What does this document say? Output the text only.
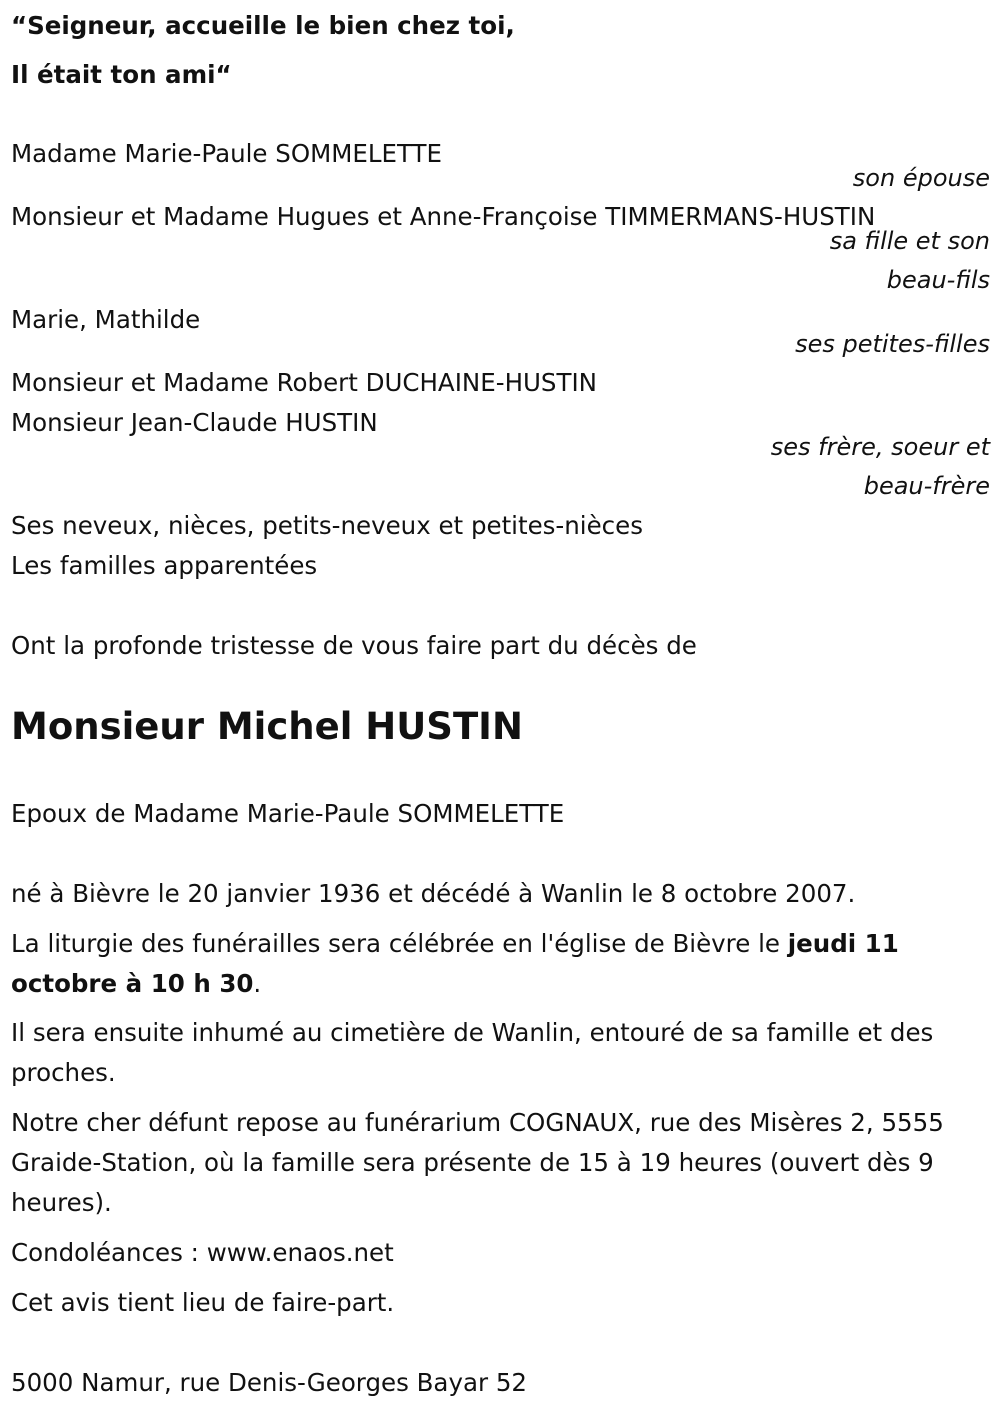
“Seigneur, accueille le bien chez toi,

Il était ton ami“

Madame Marie-Paule SOMMELETTE

son épouse

Monsieur et Madame Hugues et Anne-Françoise TIMMERMANS-HUSTIN

sa fille et son

beau-fils

Marie, Mathilde

ses petites-filles

Monsieur et Madame Robert DUCHAINE-HUSTIN

Monsieur Jean-Claude HUSTIN

ses frère, soeur et

beau-frère

Ses neveux, nièces, petits-neveux et petites-nièces

Les familles apparentées

Ont la profonde tristesse de vous faire part du décès de

Monsieur Michel HUSTIN

Epoux de Madame Marie-Paule SOMMELETTE

né à Bièvre le 20 janvier 1936 et décédé à Wanlin le 8 octobre 2007.

La liturgie des funérailles sera célébrée en l'église de Bièvre le jeudi 11 octobre à 10 h 30.

Il sera ensuite inhumé au cimetière de Wanlin, entouré de sa famille et des proches.

Notre cher défunt repose au funérarium COGNAUX, rue des Misères 2, 5555 Graide-Station, où la famille sera présente de 15 à 19 heures (ouvert dès 9 heures).

Condoléances : www.enaos.net

Cet avis tient lieu de faire-part.

5000 Namur, rue Denis-Georges Bayar 52
